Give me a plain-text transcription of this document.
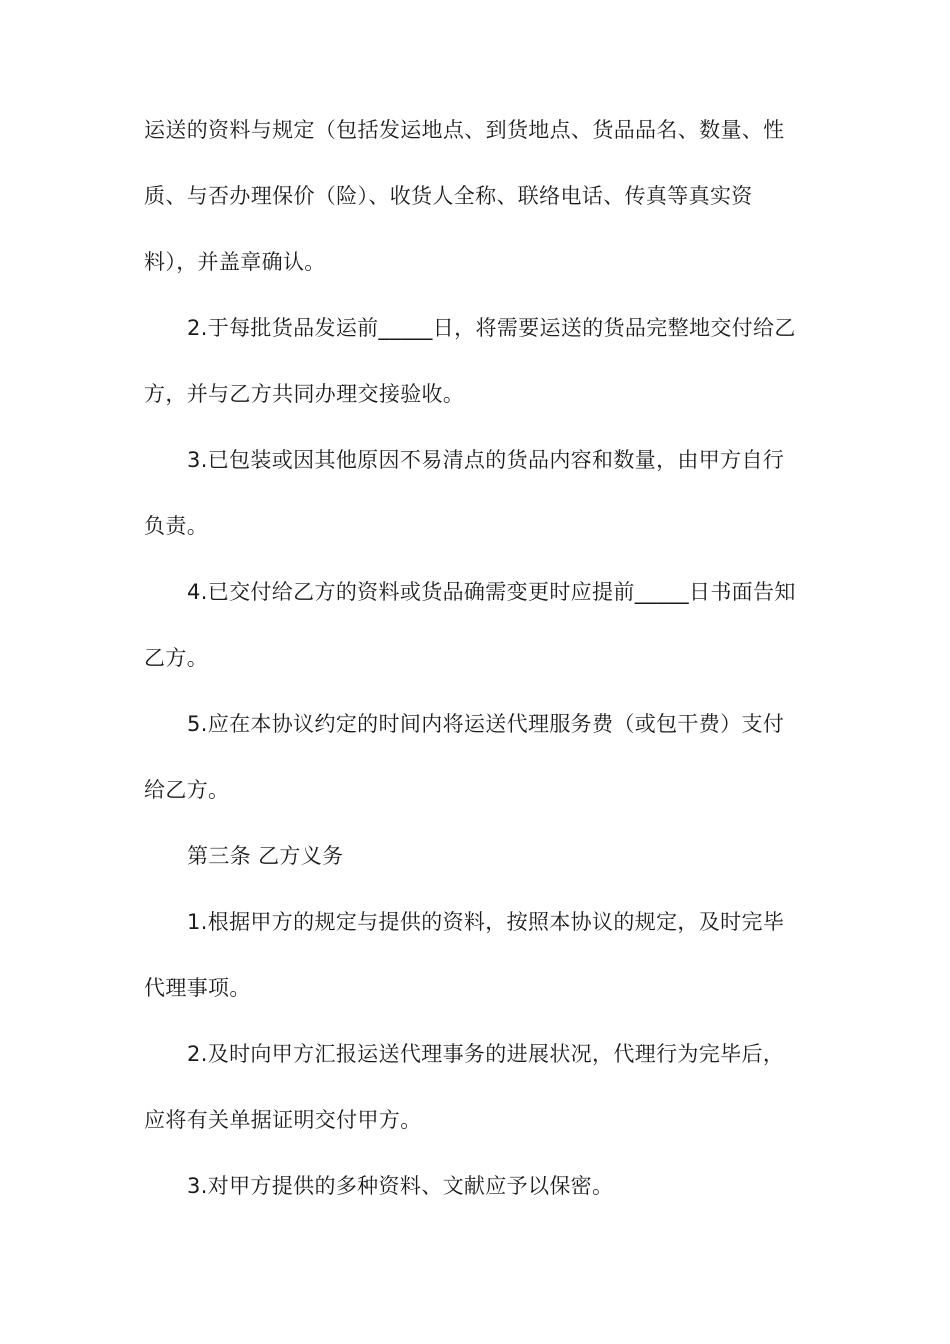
运送的资料与规定（包括发运地点、到货地点、货品品名、数量、性
质、与否办理保价（险）、收货人全称、联络电话、传真等真实资
料），并盖章确认。
2.于每批货品发运前_____日，将需要运送的货品完整地交付给乙
方，并与乙方共同办理交接验收。
3.已包装或因其他原因不易清点的货品内容和数量，由甲方自行
负责。
4.已交付给乙方的资料或货品确需变更时应提前_____日书面告知
乙方。
5.应在本协议约定的时间内将运送代理服务费（或包干费）支付
给乙方。
第三条 乙方义务
1.根据甲方的规定与提供的资料，按照本协议的规定，及时完毕
代理事项。
2.及时向甲方汇报运送代理事务的进展状况，代理行为完毕后，
应将有关单据证明交付甲方。
3.对甲方提供的多种资料、文献应予以保密。
